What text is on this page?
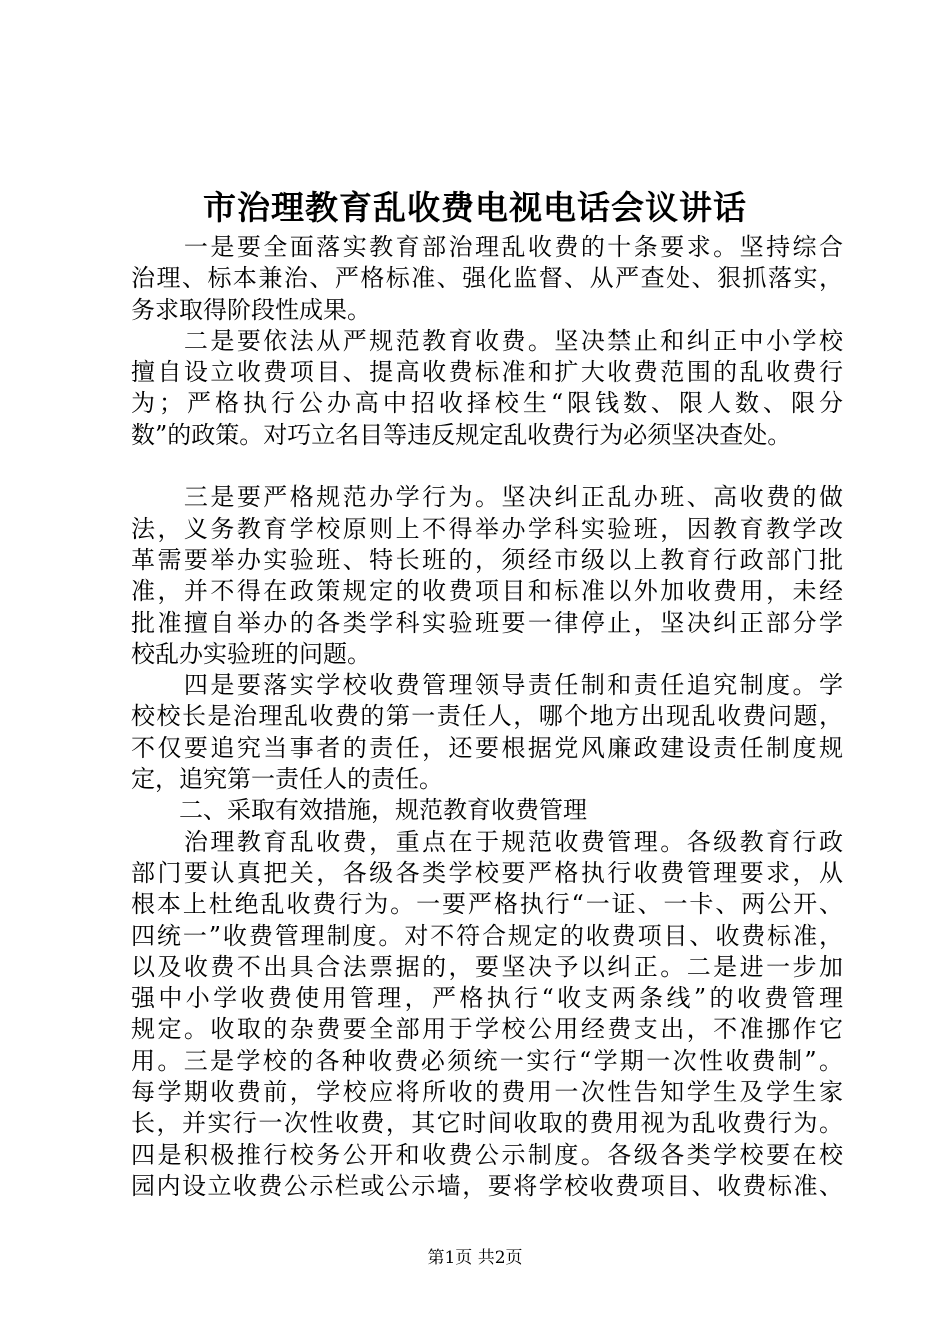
市治理教育乱收费电视电话会议讲话
　　一是要全面落实教育部治理乱收费的十条要求。坚持综合
治理、标本兼治、严格标准、强化监督、从严查处、狠抓落实，
务求取得阶段性成果。
　　二是要依法从严规范教育收费。坚决禁止和纠正中小学校
擅自设立收费项目、提高收费标准和扩大收费范围的乱收费行
为；严格执行公办高中招收择校生“限钱数、限人数、限分
数”的政策。对巧立名目等违反规定乱收费行为必须坚决查处。
　　三是要严格规范办学行为。坚决纠正乱办班、高收费的做
法，义务教育学校原则上不得举办学科实验班，因教育教学改
革需要举办实验班、特长班的，须经市级以上教育行政部门批
准，并不得在政策规定的收费项目和标准以外加收费用，未经
批准擅自举办的各类学科实验班要一律停止，坚决纠正部分学
校乱办实验班的问题。
　　四是要落实学校收费管理领导责任制和责任追究制度。学
校校长是治理乱收费的第一责任人，哪个地方出现乱收费问题，
不仅要追究当事者的责任，还要根据党风廉政建设责任制度规
定，追究第一责任人的责任。
　　二、采取有效措施，规范教育收费管理
　　治理教育乱收费，重点在于规范收费管理。各级教育行政
部门要认真把关，各级各类学校要严格执行收费管理要求，从
根本上杜绝乱收费行为。一要严格执行“一证、一卡、两公开、
四统一”收费管理制度。对不符合规定的收费项目、收费标准，
以及收费不出具合法票据的，要坚决予以纠正。二是进一步加
强中小学收费使用管理，严格执行“收支两条线”的收费管理
规定。收取的杂费要全部用于学校公用经费支出，不准挪作它
用。三是学校的各种收费必须统一实行“学期一次性收费制”。
每学期收费前，学校应将所收的费用一次性告知学生及学生家
长，并实行一次性收费，其它时间收取的费用视为乱收费行为。
四是积极推行校务公开和收费公示制度。各级各类学校要在校
园内设立收费公示栏或公示墙，要将学校收费项目、收费标准、
第1页 共2页
